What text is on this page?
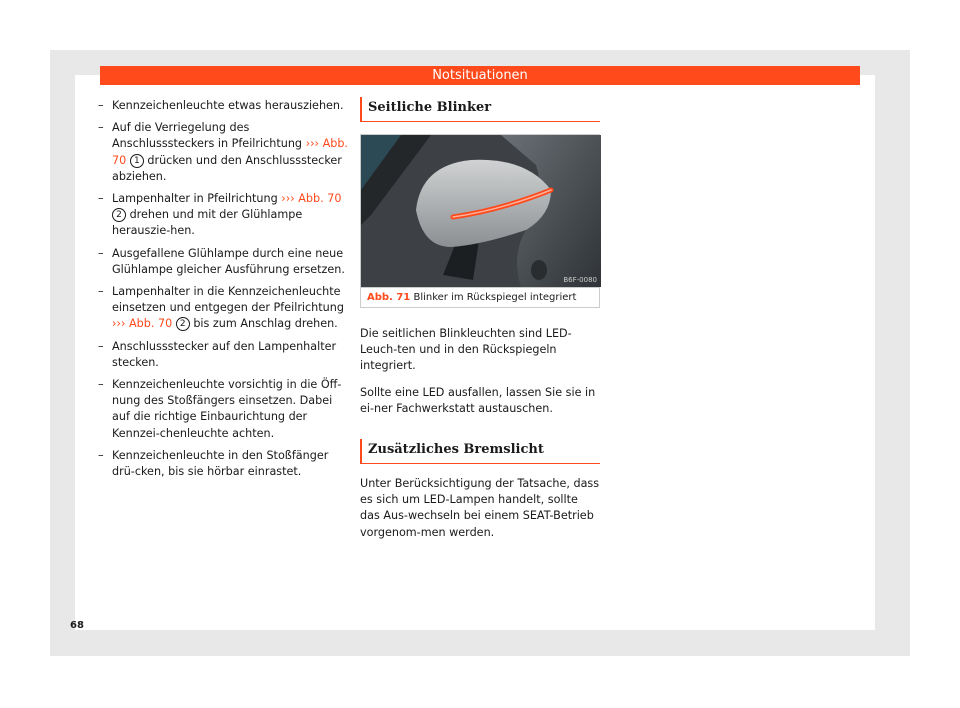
Notsituationen
– Kennzeichenleuchte etwas herausziehen.
– Auf die Verriegelung des Anschlusssteckers in Pfeilrichtung ››› Abb. 70 1 drücken und den Anschlussstecker abziehen.
– Lampenhalter in Pfeilrichtung ››› Abb. 70 2 drehen und mit der Glühlampe herauszie-hen.
– Ausgefallene Glühlampe durch eine neue Glühlampe gleicher Ausführung ersetzen.
– Lampenhalter in die Kennzeichenleuchte einsetzen und entgegen der Pfeilrichtung ››› Abb. 70 2 bis zum Anschlag drehen.
– Anschlussstecker auf den Lampenhalter stecken.
– Kennzeichenleuchte vorsichtig in die Öff-nung des Stoßfängers einsetzen. Dabei auf die richtige Einbaurichtung der Kennzei-chenleuchte achten.
– Kennzeichenleuchte in den Stoßfänger drü-cken, bis sie hörbar einrastet.
Seitliche Blinker
B6F-0080
Abb. 71 Blinker im Rückspiegel integriert
Die seitlichen Blinkleuchten sind LED-Leuch-ten und in den Rückspiegeln integriert.
Sollte eine LED ausfallen, lassen Sie sie in ei-ner Fachwerkstatt austauschen.
Zusätzliches Bremslicht
Unter Berücksichtigung der Tatsache, dass es sich um LED-Lampen handelt, sollte das Aus-wechseln bei einem SEAT-Betrieb vorgenom-men werden.
68
